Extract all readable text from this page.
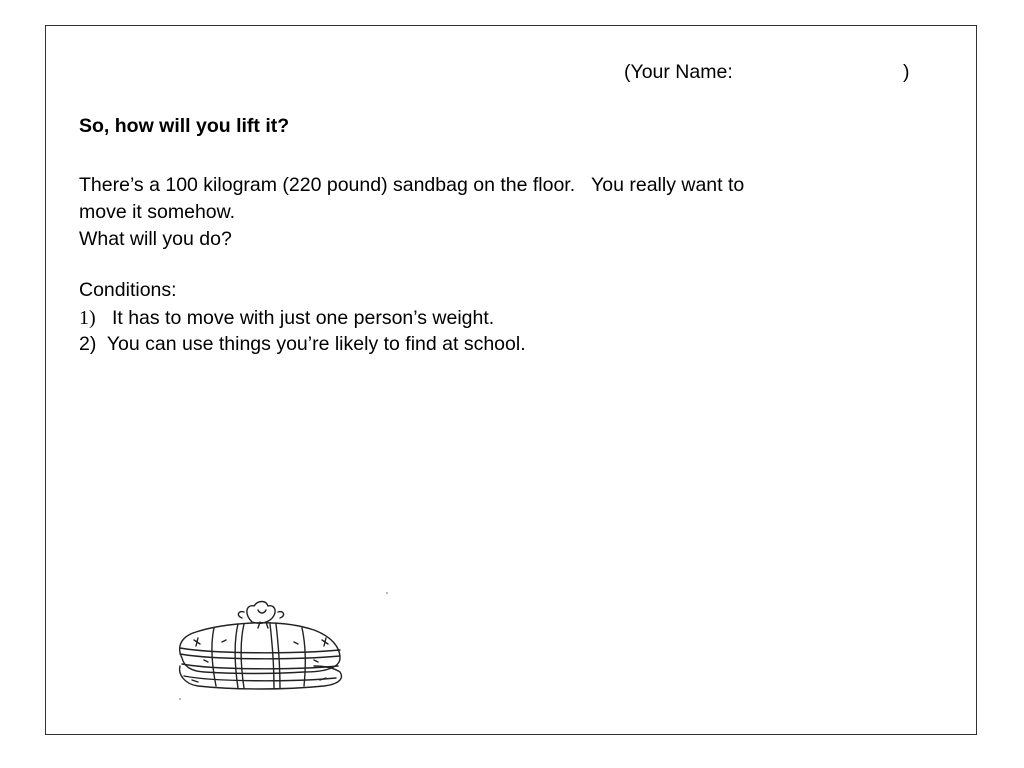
(Your Name:	)
So, how will you lift it?
There’s a 100 kilogram (220 pound) sandbag on the floor.   You really want to
move it somehow.
What will you do?
Conditions:
1) It has to move with just one person’s weight.
2) You can use things you’re likely to find at school.
